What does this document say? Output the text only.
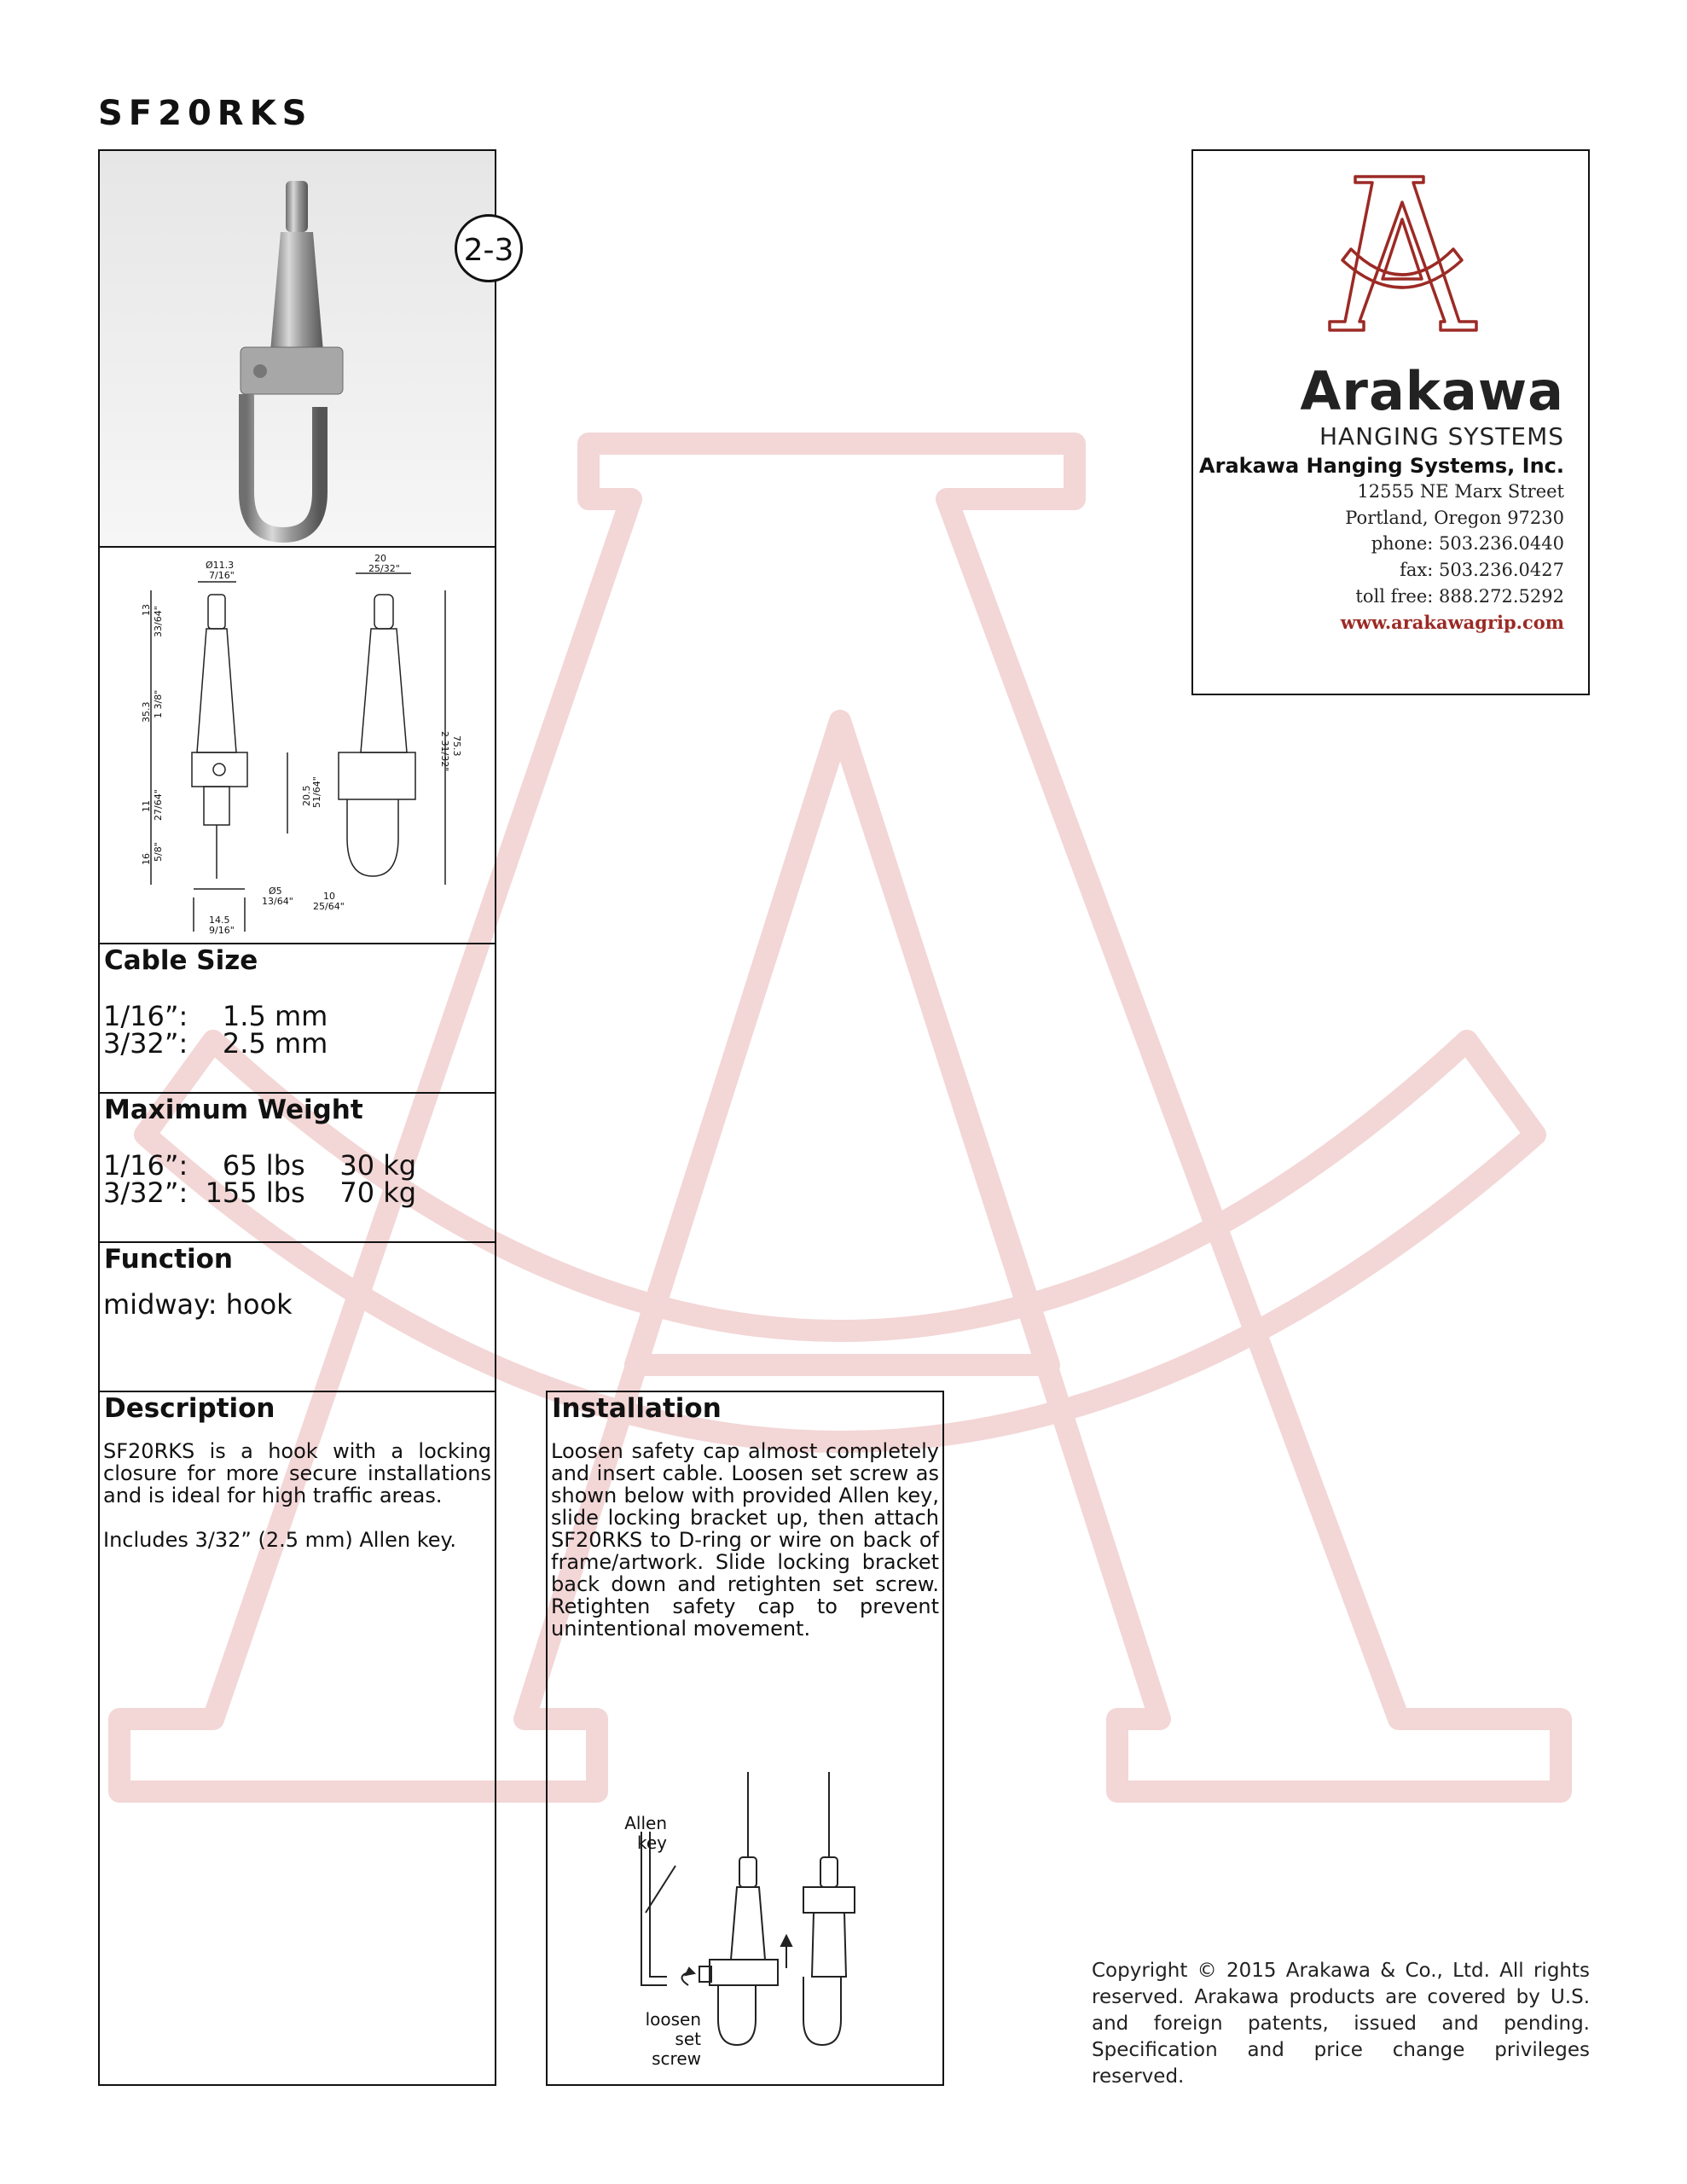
SF20RKS
2-3
Ø11.3
7/16"
20
25/32"
13 33/64"
35.3 1 3/8"
11 27/64"
16 5/8"
20.5 51/64"
75.3
2 31/32"
Ø5
13/64"	10
25/64"
14.5
9/16"
Cable Size
1/16”:    1.5 mm
3/32”:    2.5 mm
Maximum Weight
1/16”:    65 lbs    30 kg
3/32”:  155 lbs    70 kg
Function
midway: hook
Description
SF20RKS is a hook with a locking closure for more secure installations and is ideal for high traffic areas.
Includes 3/32” (2.5 mm) Allen key.
Installation
Loosen safety cap almost completely and insert cable. Loosen set screw as shown below with provided Allen key, slide locking bracket up, then attach SF20RKS to D-ring or wire on back of frame/artwork. Slide locking bracket back down and retighten set screw. Retighten safety cap to prevent unintentional movement.
Allen
key
loosen
set
screw
Arakawa
HANGING SYSTEMS
Arakawa Hanging Systems, Inc.
12555 NE Marx Street
Portland, Oregon 97230
phone: 503.236.0440
fax: 503.236.0427
toll free: 888.272.5292
www.arakawagrip.com
Copyright © 2015 Arakawa & Co., Ltd. All rights reserved. Arakawa products are covered by U.S. and foreign patents, issued and pending. Specification and price change privileges reserved.
